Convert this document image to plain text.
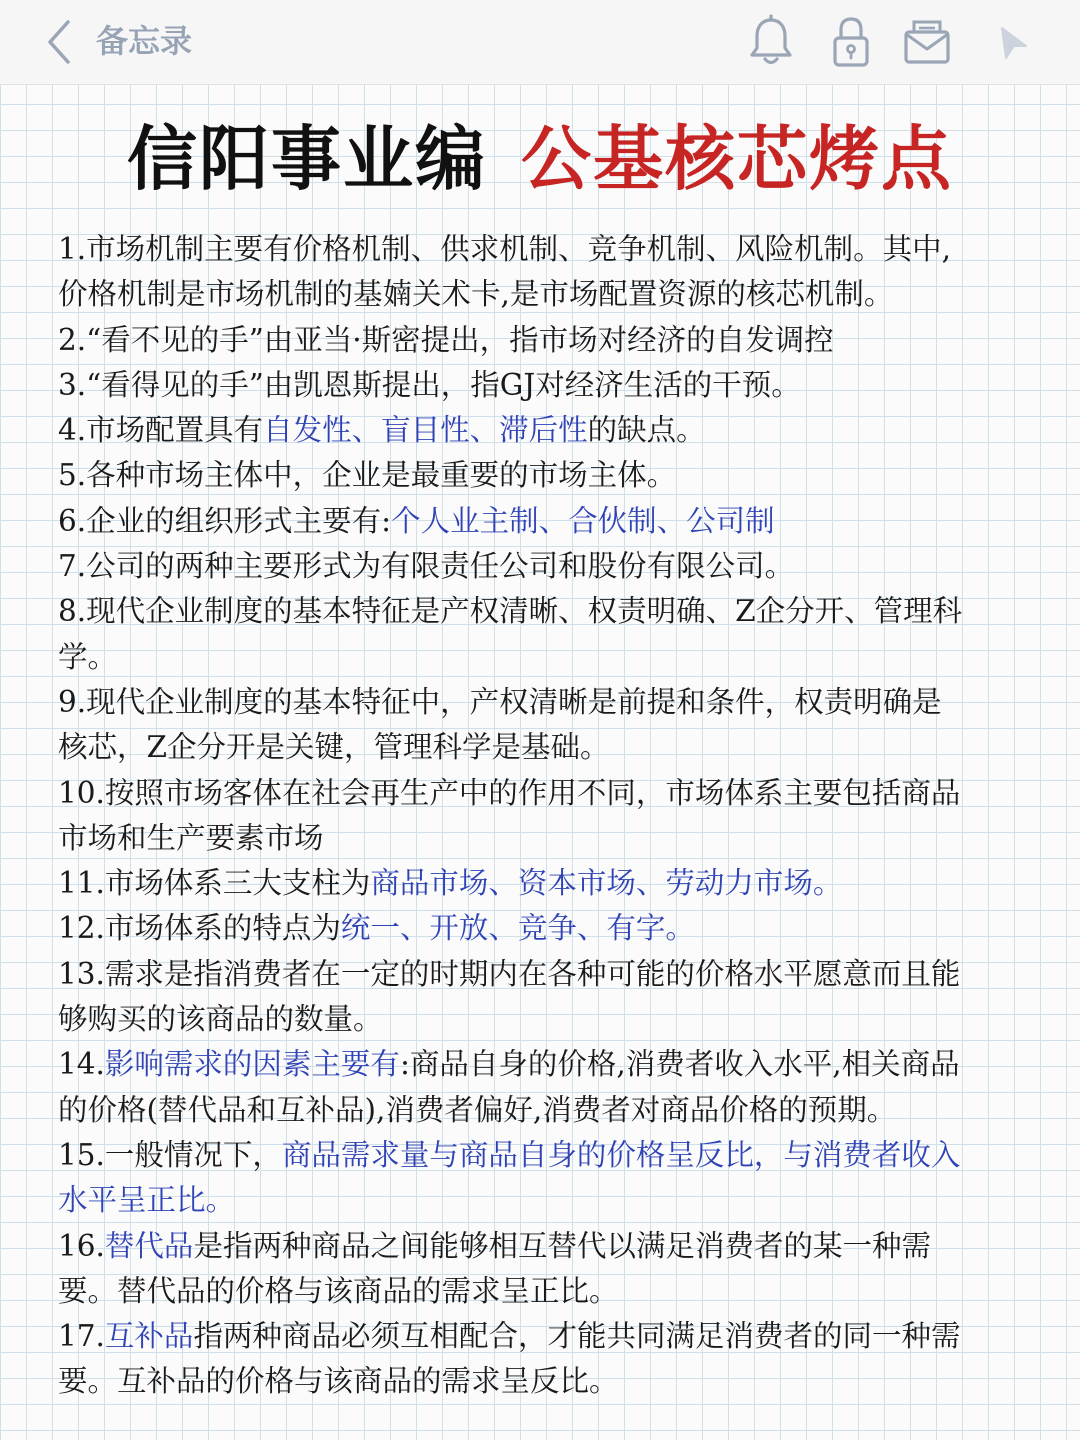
备忘录
信阳事业编 公基核芯烤点
1.市场机制主要有价格机制、供求机制、竞争机制、风险机制。其中,
价格机制是市场机制的基婻关术卡,是市场配置资源的核芯机制。
2.“看不见的手”由亚当·斯密提出，指市场对经济的自发调控
3.“看得见的手”由凯恩斯提出，指GJ对经济生活的干预。
4.市场配置具有自发性、盲目性、滞后性的缺点。
5.各种市场主体中，企业是最重要的市场主体。
6.企业的组织形式主要有:个人业主制、合伙制、公司制
7.公司的两种主要形式为有限责任公司和股份有限公司。
8.现代企业制度的基本特征是产权清晰、权责明确、Z企分开、管理科
学。
9.现代企业制度的基本特征中，产权清晰是前提和条件，权责明确是
核芯，Z企分开是关键，管理科学是基础。
10.按照市场客体在社会再生产中的作用不同，市场体系主要包括商品
市场和生产要素市场
11.市场体系三大支柱为商品市场、资本市场、劳动力市场。
12.市场体系的特点为统一、开放、竞争、有字。
13.需求是指消费者在一定的时期内在各种可能的价格水平愿意而且能
够购买的该商品的数量。
14.影响需求的因素主要有:商品自身的价格,消费者收入水平,相关商品
的价格(替代品和互补品),消费者偏好,消费者对商品价格的预期。
15.一般情况下，商品需求量与商品自身的价格呈反比，与消费者收入
水平呈正比。
16.替代品是指两种商品之间能够相互替代以满足消费者的某一种需
要。替代品的价格与该商品的需求呈正比。
17.互补品指两种商品必须互相配合，才能共同满足消费者的同一种需
要。互补品的价格与该商品的需求呈反比。
